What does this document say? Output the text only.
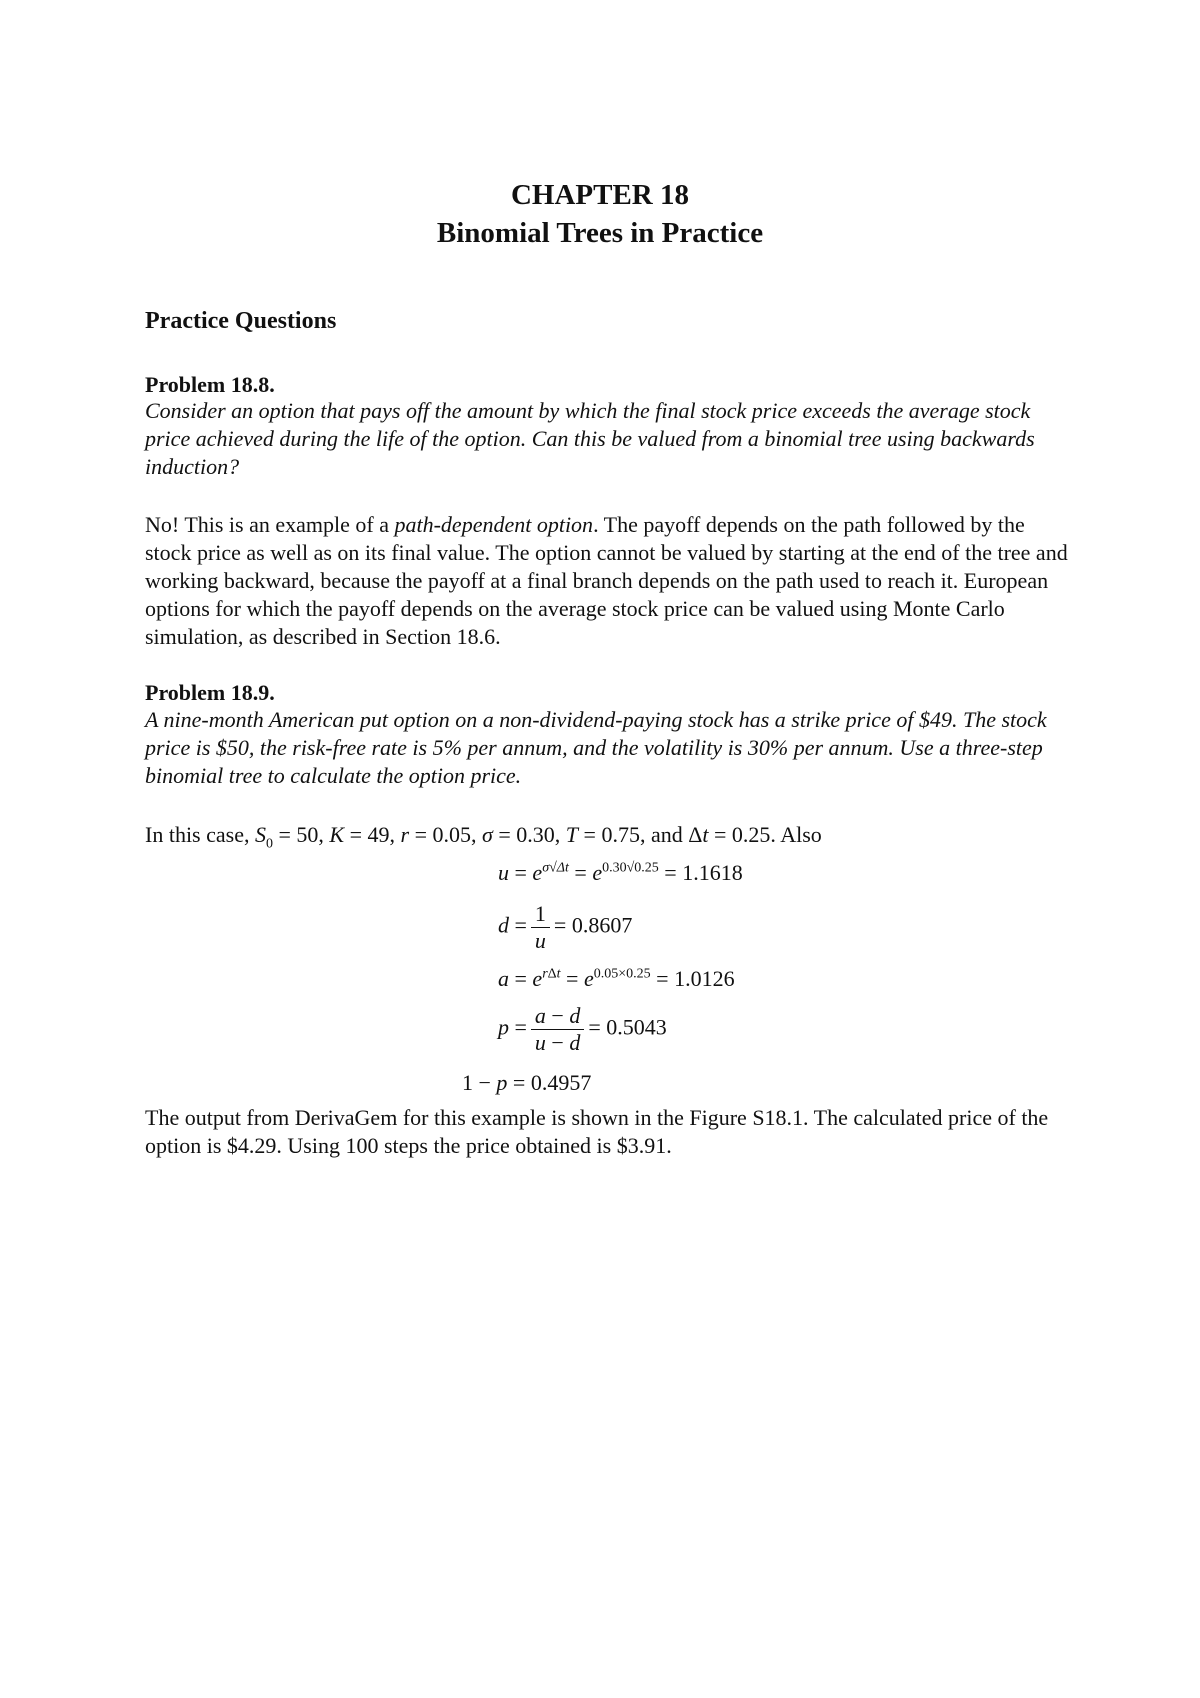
CHAPTER 18
Binomial Trees in Practice
Practice Questions
Problem 18.8.
Consider an option that pays off the amount by which the final stock price exceeds the average stock price achieved during the life of the option. Can this be valued from a binomial tree using backwards induction?
No! This is an example of a path-dependent option. The payoff depends on the path followed by the stock price as well as on its final value. The option cannot be valued by starting at the end of the tree and working backward, because the payoff at a final branch depends on the path used to reach it. European options for which the payoff depends on the average stock price can be valued using Monte Carlo simulation, as described in Section 18.6.
Problem 18.9.
A nine-month American put option on a non-dividend-paying stock has a strike price of $49. The stock price is $50, the risk-free rate is 5% per annum, and the volatility is 30% per annum. Use a three-step binomial tree to calculate the option price.
In this case, $S_0 = 50$, K = 49, r = 0.05, σ = 0.30, T = 0.75, and Δt = 0.25. Also
$u = e^{\sigma√\Delta t} = e^{0.30√0.25} = 1.1618$
$d = \frac{1}{u} = 0.8607$
$a = e^{r\Delta t} = e^{0.05\times 0.25} = 1.0126$
$p = \frac{a - d}{u - d} = 0.5043$
1 − p = 0.4957
The output from DerivaGem for this example is shown in the Figure S18.1. The calculated price of the option is $4.29. Using 100 steps the price obtained is $3.91.
